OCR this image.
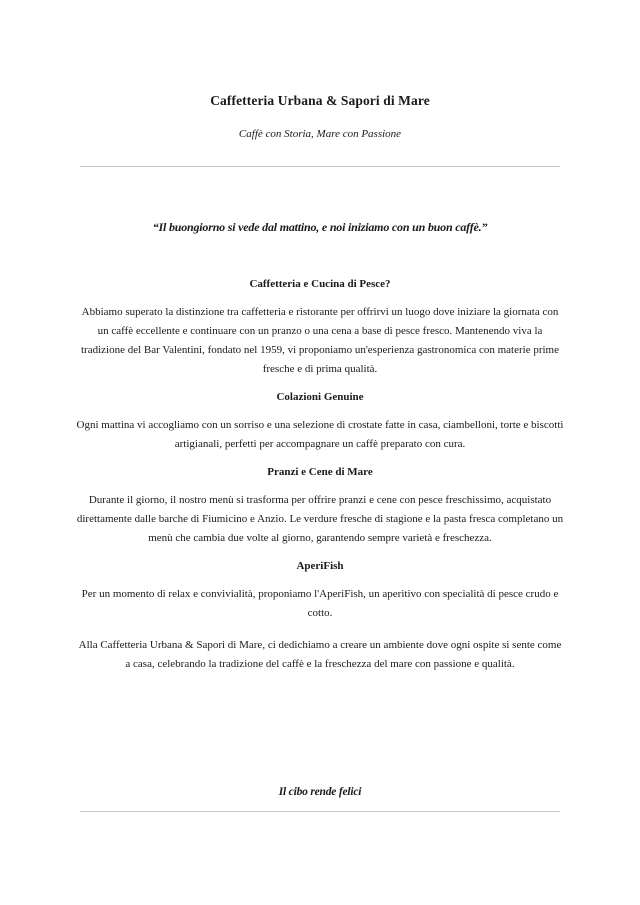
Caffetteria Urbana & Sapori di Mare
Caffè con Storia, Mare con Passione
“Il buongiorno si vede dal mattino, e noi iniziamo con un buon caffè.”
Caffetteria e Cucina di Pesce?

Abbiamo superato la distinzione tra caffetteria e ristorante per offrirvi un luogo dove iniziare la giornata con un caffè eccellente e continuare con un pranzo o una cena a base di pesce fresco. Mantenendo viva la tradizione del Bar Valentini, fondato nel 1959, vi proponiamo un'esperienza gastronomica con materie prime fresche e di prima qualità.

Colazioni Genuine

Ogni mattina vi accogliamo con un sorriso e una selezione di crostate fatte in casa, ciambelloni, torte e biscotti artigianali, perfetti per accompagnare un caffè preparato con cura.

Pranzi e Cene di Mare

Durante il giorno, il nostro menù si trasforma per offrire pranzi e cene con pesce freschissimo, acquistato direttamente dalle barche di Fiumicino e Anzio. Le verdure fresche di stagione e la pasta fresca completano un menù che cambia due volte al giorno, garantendo sempre varietà e freschezza.

AperiFish

Per un momento di relax e convivialità, proponiamo l'AperiFish, un aperitivo con specialità di pesce crudo e cotto.

Alla Caffetteria Urbana & Sapori di Mare, ci dedichiamo a creare un ambiente dove ogni ospite si sente come a casa, celebrando la tradizione del caffè e la freschezza del mare con passione e qualità.

Il cibo rende felici
